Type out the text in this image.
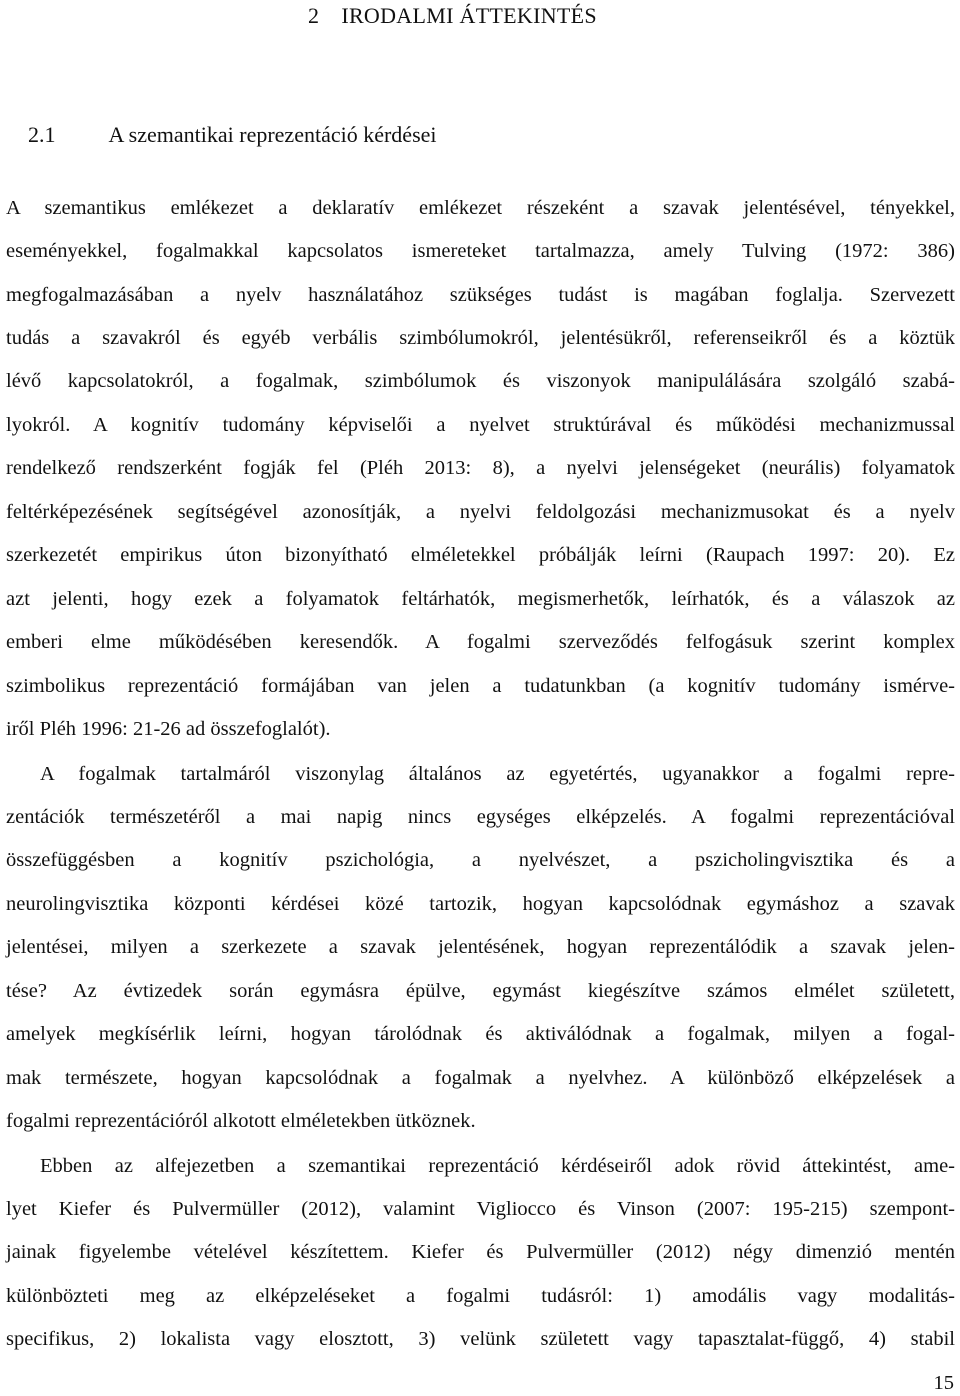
2 IRODALMI ÁTTEKINTÉS
2.1 A szemantikai reprezentáció kérdései

A szemantikus emlékezet a deklaratív emlékezet részeként a szavak jelentésével, tényekkel,

eseményekkel, fogalmakkal kapcsolatos ismereteket tartalmazza, amely Tulving (1972: 386)

megfogalmazásában a nyelv használatához szükséges tudást is magában foglalja. Szervezett

tudás a szavakról és egyéb verbális szimbólumokról, jelentésükről, referenseikről és a köztük

lévő kapcsolatokról, a fogalmak, szimbólumok és viszonyok manipulálására szolgáló szabá-

lyokról. A kognitív tudomány képviselői a nyelvet struktúrával és működési mechanizmussal

rendelkező rendszerként fogják fel (Pléh 2013: 8), a nyelvi jelenségeket (neurális) folyamatok

feltérképezésének segítségével azonosítják, a nyelvi feldolgozási mechanizmusokat és a nyelv

szerkezetét empirikus úton bizonyítható elméletekkel próbálják leírni (Raupach 1997: 20). Ez

azt jelenti, hogy ezek a folyamatok feltárhatók, megismerhetők, leírhatók, és a válaszok az

emberi elme működésében keresendők. A fogalmi szerveződés felfogásuk szerint komplex

szimbolikus reprezentáció formájában van jelen a tudatunkban (a kognitív tudomány ismérve-

iről Pléh 1996: 21-26 ad összefoglalót).

A fogalmak tartalmáról viszonylag általános az egyetértés, ugyanakkor a fogalmi repre-

zentációk természetéről a mai napig nincs egységes elképzelés. A fogalmi reprezentációval

összefüggésben a kognitív pszichológia, a nyelvészet, a pszicholingvisztika és a

neurolingvisztika központi kérdései közé tartozik, hogyan kapcsolódnak egymáshoz a szavak

jelentései, milyen a szerkezete a szavak jelentésének, hogyan reprezentálódik a szavak jelen-

tése? Az évtizedek során egymásra épülve, egymást kiegészítve számos elmélet született,

amelyek megkísérlik leírni, hogyan tárolódnak és aktiválódnak a fogalmak, milyen a fogal-

mak természete, hogyan kapcsolódnak a fogalmak a nyelvhez. A különböző elképzelések a

fogalmi reprezentációról alkotott elméletekben ütköznek.

Ebben az alfejezetben a szemantikai reprezentáció kérdéseiről adok rövid áttekintést, ame-

lyet Kiefer és Pulvermüller (2012), valamint Vigliocco és Vinson (2007: 195-215) szempont-

jainak figyelembe vételével készítettem. Kiefer és Pulvermüller (2012) négy dimenzió mentén

különbözteti meg az elképzeléseket a fogalmi tudásról: 1) amodális vagy modalitás-

specifikus, 2) lokalista vagy elosztott, 3) velünk született vagy tapasztalat-függő, 4) stabil

15
